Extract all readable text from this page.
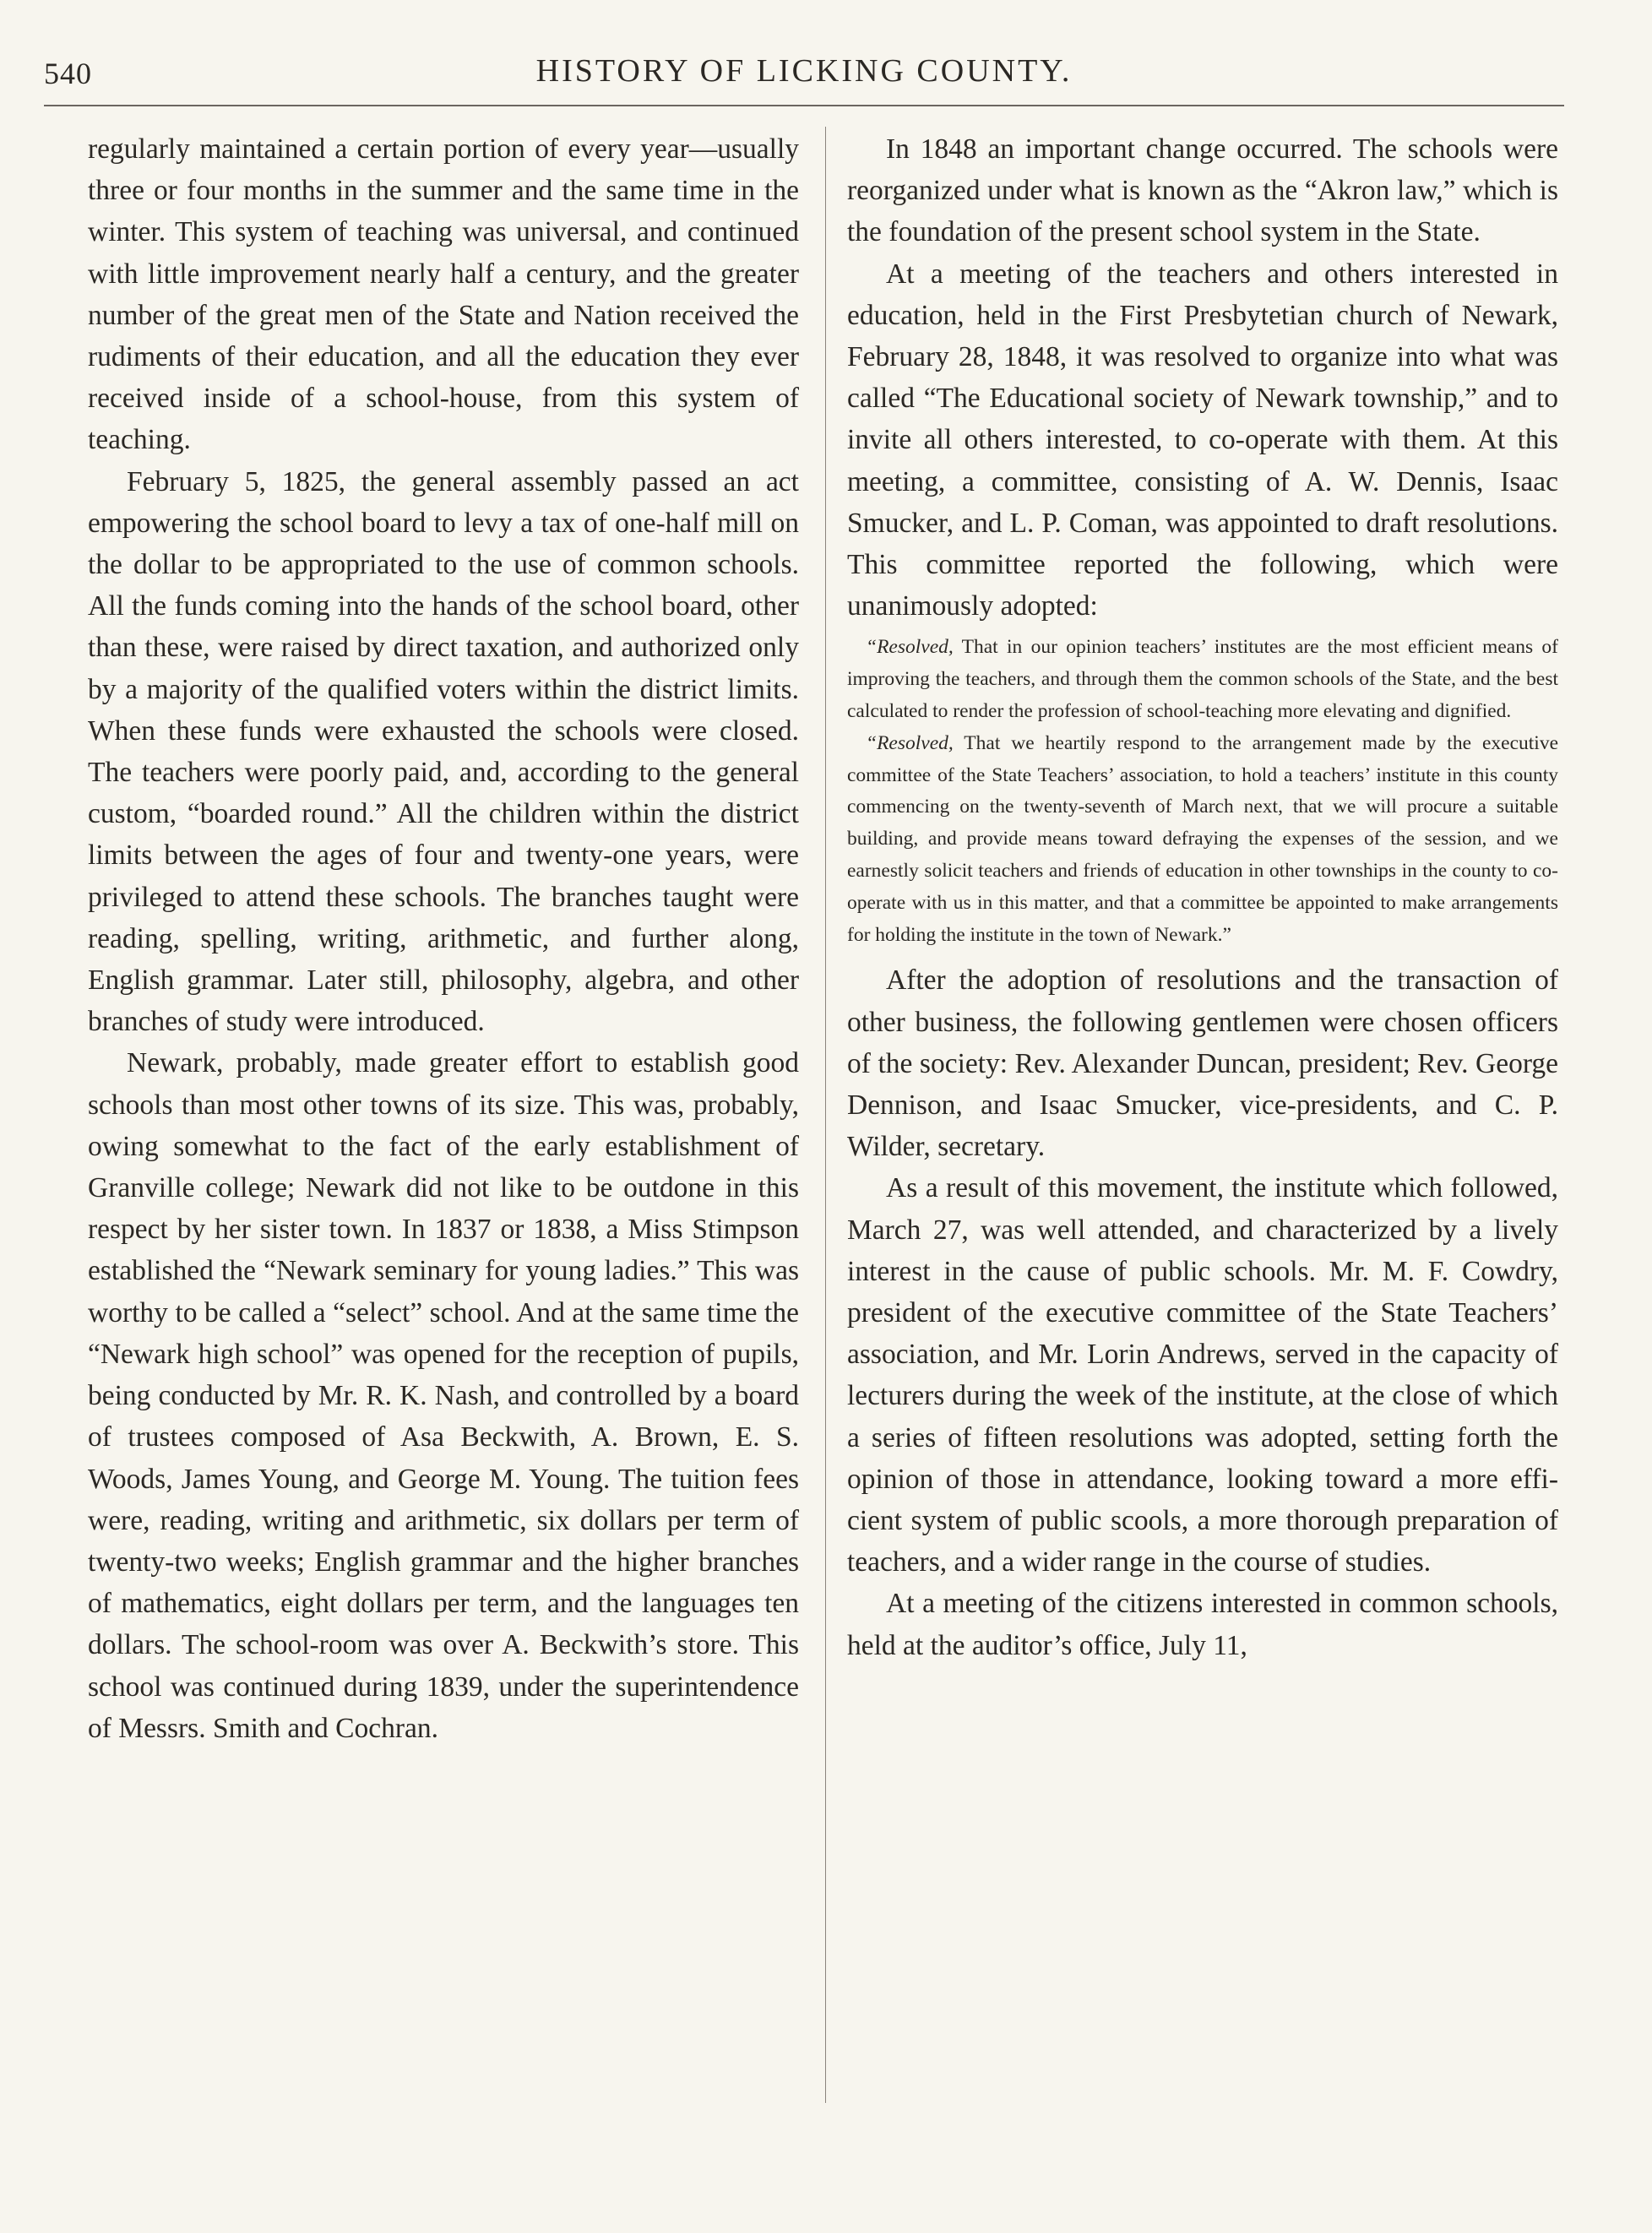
540	HISTORY OF LICKING COUNTY.

regularly maintained a certain portion of every year—usually three or four months in the summer and the same time in the winter. This system of teaching was universal, and continued with little improvement nearly half a century, and the greater number of the great men of the State and Nation received the rudiments of their education, and all the education they ever received inside of a school-house, from this system of teaching.

February 5, 1825, the general assembly passed an act empowering the school board to levy a tax of one-half mill on the dollar to be appropriated to the use of common schools. All the funds coming into the hands of the school board, other than these, were raised by direct taxation, and authorized only by a majority of the qualified voters within the district limits. When these funds were exhausted the schools were closed. The teachers were poorly paid, and, according to the general custom, “boarded round.” All the children within the district limits between the ages of four and twenty-one years, were privileged to attend these schools. The branches taught were reading, spelling, writing, arithmetic, and further along, English grammar. Later still, philosophy, algebra, and other branches of study were introduced.

Newark, probably, made greater effort to establish good schools than most other towns of its size. This was, probably, owing somewhat to the fact of the early establishment of Granville college; Newark did not like to be outdone in this respect by her sister town. In 1837 or 1838, a Miss Stimpson established the “Newark seminary for young ladies.” This was worthy to be called a “select” school. And at the same time the “Newark high school” was opened for the reception of pupils, being conducted by Mr. R. K. Nash, and controlled by a board of trustees composed of Asa Beckwith, A. Brown, E. S. Woods, James Young, and George M. Young. The tuition fees were, reading, writing and arithmetic, six dollars per term of twenty-two weeks; English grammar and the higher branches of mathematics, eight dollars per term, and the languages ten dollars. The school-room was over A. Beckwith’s store. This school was continued during 1839, under the superintendence of Messrs. Smith and Cochran.

In 1848 an important change occurred. The schools were reorganized under what is known as the “Akron law,” which is the foundation of the present school system in the State.

At a meeting of the teachers and others interested in education, held in the First Presbytetian church of Newark, February 28, 1848, it was resolved to organize into what was called “The Educational society of Newark township,” and to invite all others interested, to co-operate with them. At this meeting, a committee, consisting of A. W. Dennis, Isaac Smucker, and L. P. Coman, was appointed to draft resolutions. This committee reported the following, which were unanimously adopted:

“Resolved, That in our opinion teachers’ institutes are the most efficient means of improving the teachers, and through them the common schools of the State, and the best calculated to render the profession of school-teaching more elevating and dignified.

“Resolved, That we heartily respond to the arrangement made by the executive committee of the State Teachers’ association, to hold a teachers’ institute in this county commencing on the twenty-seventh of March next, that we will procure a suitable building, and provide means toward defraying the expenses of the session, and we earnestly solicit teachers and friends of education in other townships in the county to cooperate with us in this matter, and that a committee be appointed to make arrangements for holding the institute in the town of Newark.”

After the adoption of resolutions and the transaction of other business, the following gentlemen were chosen officers of the society: Rev. Alexander Duncan, president; Rev. George Dennison, and Isaac Smucker, vice-presidents, and C. P. Wilder, secretary.

As a result of this movement, the institute which followed, March 27, was well attended, and characterized by a lively interest in the cause of public schools. Mr. M. F. Cowdry, president of the executive committee of the State Teachers’ association, and Mr. Lorin Andrews, served in the capacity of lecturers during the week of the institute, at the close of which a series of fifteen resolutions was adopted, setting forth the opinion of those in attendance, looking toward a more efficient system of public scools, a more thorough preparation of teachers, and a wider range in the course of studies.

At a meeting of the citizens interested in common schools, held at the auditor’s office, July 11,
